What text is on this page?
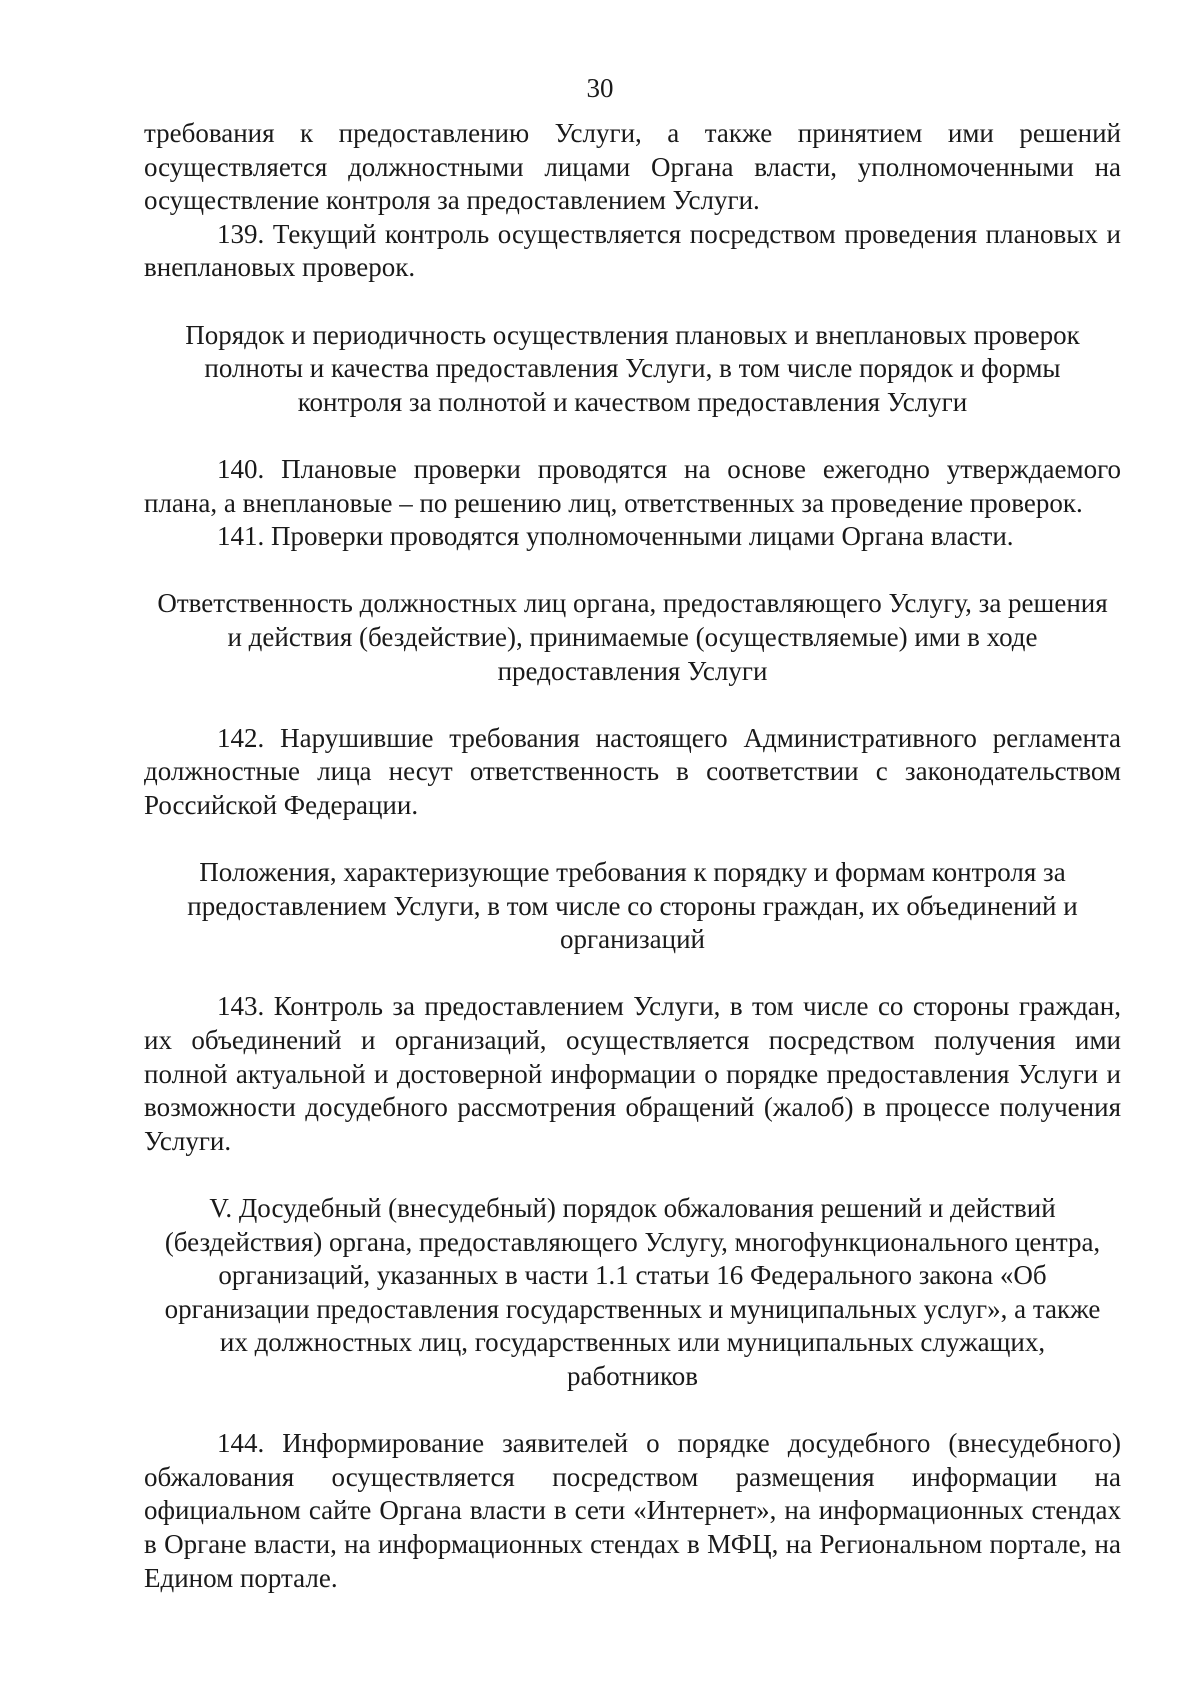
30

требования к предоставлению Услуги, а также принятием ими решений осуществляется должностными лицами Органа власти, уполномоченными на осуществление контроля за предоставлением Услуги.

139. Текущий контроль осуществляется посредством проведения плановых и внеплановых проверок.

Порядок и периодичность осуществления плановых и внеплановых проверок полноты и качества предоставления Услуги, в том числе порядок и формы контроля за полнотой и качеством предоставления Услуги

140. Плановые проверки проводятся на основе ежегодно утверждаемого плана, а внеплановые – по решению лиц, ответственных за проведение проверок.

141. Проверки проводятся уполномоченными лицами Органа власти.

Ответственность должностных лиц органа, предоставляющего Услугу, за решения и действия (бездействие), принимаемые (осуществляемые) ими в ходе предоставления Услуги

142. Нарушившие требования настоящего Административного регламента должностные лица несут ответственность в соответствии с законодательством Российской Федерации.

Положения, характеризующие требования к порядку и формам контроля за предоставлением Услуги, в том числе со стороны граждан, их объединений и организаций

143. Контроль за предоставлением Услуги, в том числе со стороны граждан, их объединений и организаций, осуществляется посредством получения ими полной актуальной и достоверной информации о порядке предоставления Услуги и возможности досудебного рассмотрения обращений (жалоб) в процессе получения Услуги.

V. Досудебный (внесудебный) порядок обжалования решений и действий (бездействия) органа, предоставляющего Услугу, многофункционального центра, организаций, указанных в части 1.1 статьи 16 Федерального закона «Об организации предоставления государственных и муниципальных услуг», а также их должностных лиц, государственных или муниципальных служащих, работников

144. Информирование заявителей о порядке досудебного (внесудебного) обжалования осуществляется посредством размещения информации на официальном сайте Органа власти в сети «Интернет», на информационных стендах в Органе власти, на информационных стендах в МФЦ, на Региональном портале, на Едином портале.
